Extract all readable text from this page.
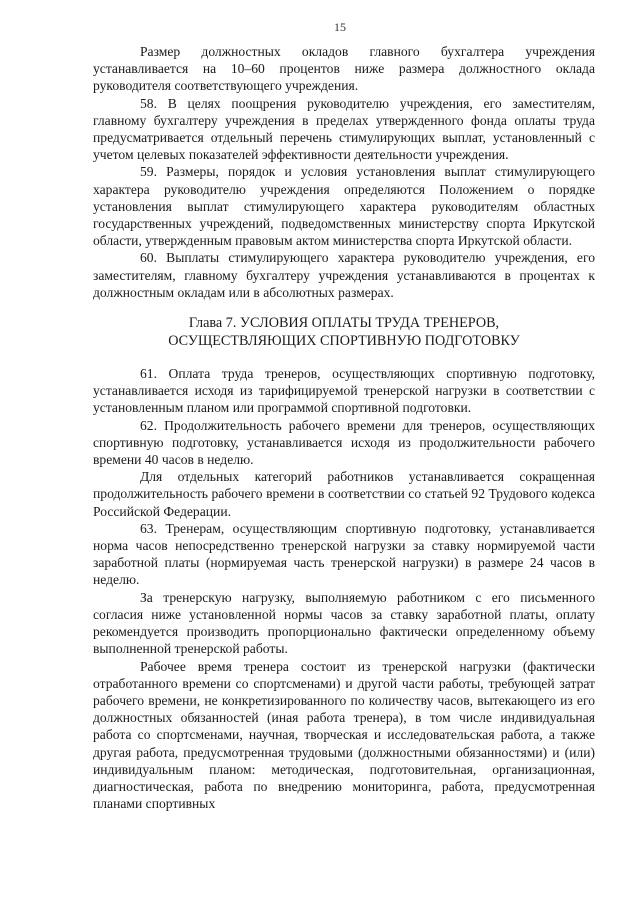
15

Размер должностных окладов главного бухгалтера учреждения устанавливается на 10–60 процентов ниже размера должностного оклада руководителя соответствующего учреждения.

58. В целях поощрения руководителю учреждения, его заместителям, главному бухгалтеру учреждения в пределах утвержденного фонда оплаты труда предусматривается отдельный перечень стимулирующих выплат, установленный с учетом целевых показателей эффективности деятельности учреждения.

59. Размеры, порядок и условия установления выплат стимулирующего характера руководителю учреждения определяются Положением о порядке установления выплат стимулирующего характера руководителям областных государственных учреждений, подведомственных министерству спорта Иркутской области, утвержденным правовым актом министерства спорта Иркутской области.

60. Выплаты стимулирующего характера руководителю учреждения, его заместителям, главному бухгалтеру учреждения устанавливаются в процентах к должностным окладам или в абсолютных размерах.

Глава 7. УСЛОВИЯ ОПЛАТЫ ТРУДА ТРЕНЕРОВ,
ОСУЩЕСТВЛЯЮЩИХ СПОРТИВНУЮ ПОДГОТОВКУ

61. Оплата труда тренеров, осуществляющих спортивную подготовку, устанавливается исходя из тарифицируемой тренерской нагрузки в соответствии с установленным планом или программой спортивной подготовки.

62. Продолжительность рабочего времени для тренеров, осуществляющих спортивную подготовку, устанавливается исходя из продолжительности рабочего времени 40 часов в неделю.

Для отдельных категорий работников устанавливается сокращенная продолжительность рабочего времени в соответствии со статьей 92 Трудового кодекса Российской Федерации.

63. Тренерам, осуществляющим спортивную подготовку, устанавливается норма часов непосредственно тренерской нагрузки за ставку нормируемой части заработной платы (нормируемая часть тренерской нагрузки) в размере 24 часов в неделю.

За тренерскую нагрузку, выполняемую работником с его письменного согласия ниже установленной нормы часов за ставку заработной платы, оплату рекомендуется производить пропорционально фактически определенному объему выполненной тренерской работы.

Рабочее время тренера состоит из тренерской нагрузки (фактически отработанного времени со спортсменами) и другой части работы, требующей затрат рабочего времени, не конкретизированного по количеству часов, вытекающего из его должностных обязанностей (иная работа тренера), в том числе индивидуальная работа со спортсменами, научная, творческая и исследовательская работа, а также другая работа, предусмотренная трудовыми (должностными обязанностями) и (или) индивидуальным планом: методическая, подготовительная, организационная, диагностическая, работа по внедрению мониторинга, работа, предусмотренная планами спортивных
